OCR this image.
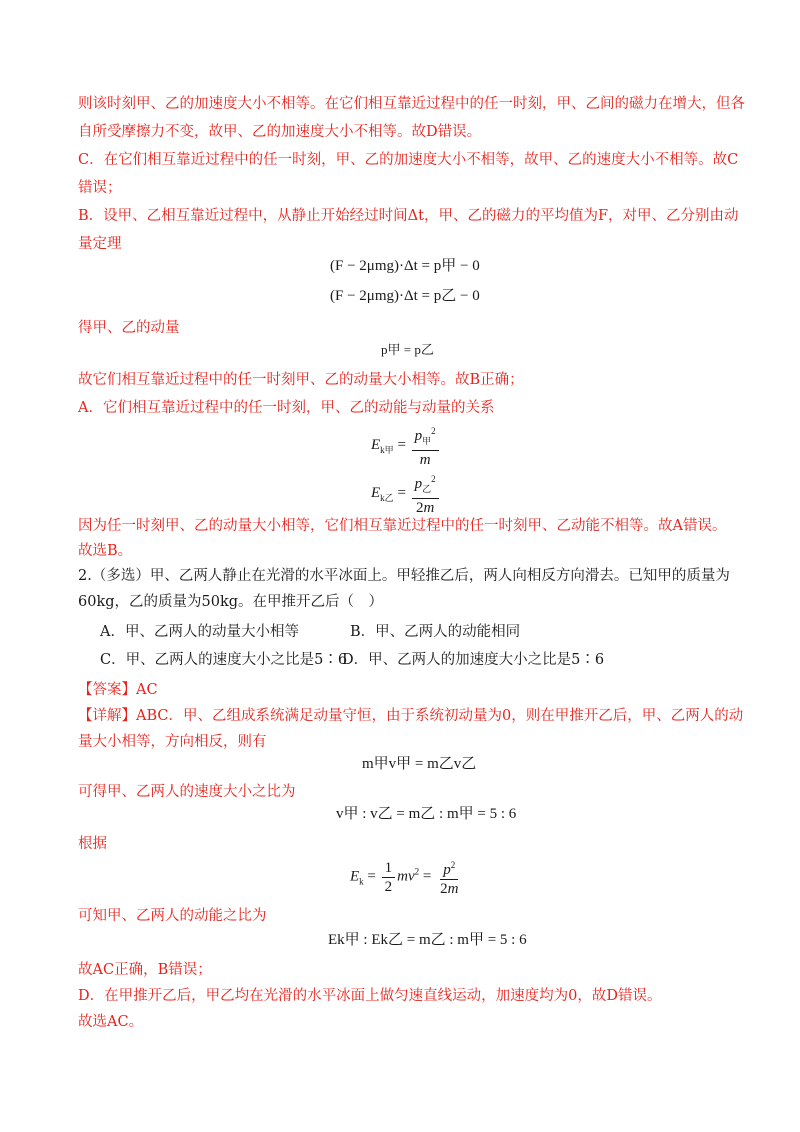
则该时刻甲、乙的加速度大小不相等。在它们相互靠近过程中的任一时刻，甲、乙间的磁力在增大，但各
自所受摩擦力不变，故甲、乙的加速度大小不相等。故D错误。
C．在它们相互靠近过程中的任一时刻，甲、乙的加速度大小不相等，故甲、乙的速度大小不相等。故C
错误；
B．设甲、乙相互靠近过程中，从静止开始经过时间Δt，甲、乙的磁力的平均值为F，对甲、乙分别由动
量定理
(F − 2μmg)·Δt = p甲 − 0
(F − 2μmg)·Δt = p乙 − 0
得甲、乙的动量
p甲 = p乙
故它们相互靠近过程中的任一时刻甲、乙的动量大小相等。故B正确；
A．它们相互靠近过程中的任一时刻，甲、乙的动能与动量的关系
$E_{k甲} = \frac{p_甲^2}{m}$
$E_{k乙} = \frac{p_乙^2}{2m}$
因为任一时刻甲、乙的动量大小相等，它们相互靠近过程中的任一时刻甲、乙动能不相等。故A错误。
故选B。
2.（多选）甲、乙两人静止在光滑的水平冰面上。甲轻推乙后，两人向相反方向滑去。已知甲的质量为
60kg，乙的质量为50kg。在甲推开乙后（　）
A．甲、乙两人的动量大小相等	B．甲、乙两人的动能相同
C．甲、乙两人的速度大小之比是5∶6
D．甲、乙两人的加速度大小之比是5∶6
【答案】AC
【详解】ABC．甲、乙组成系统满足动量守恒，由于系统初动量为0，则在甲推开乙后，甲、乙两人的动
量大小相等，方向相反，则有
m甲v甲 = m乙v乙
可得甲、乙两人的速度大小之比为
v甲 : v乙 = m乙 : m甲 = 5 : 6
根据
$E_k = \frac{1}{2} mv^2 = \frac{p^2}{2m}$
可知甲、乙两人的动能之比为
Ek甲 : Ek乙 = m乙 : m甲 = 5 : 6
故AC正确，B错误；
D．在甲推开乙后，甲乙均在光滑的水平冰面上做匀速直线运动，加速度均为0，故D错误。
故选AC。
